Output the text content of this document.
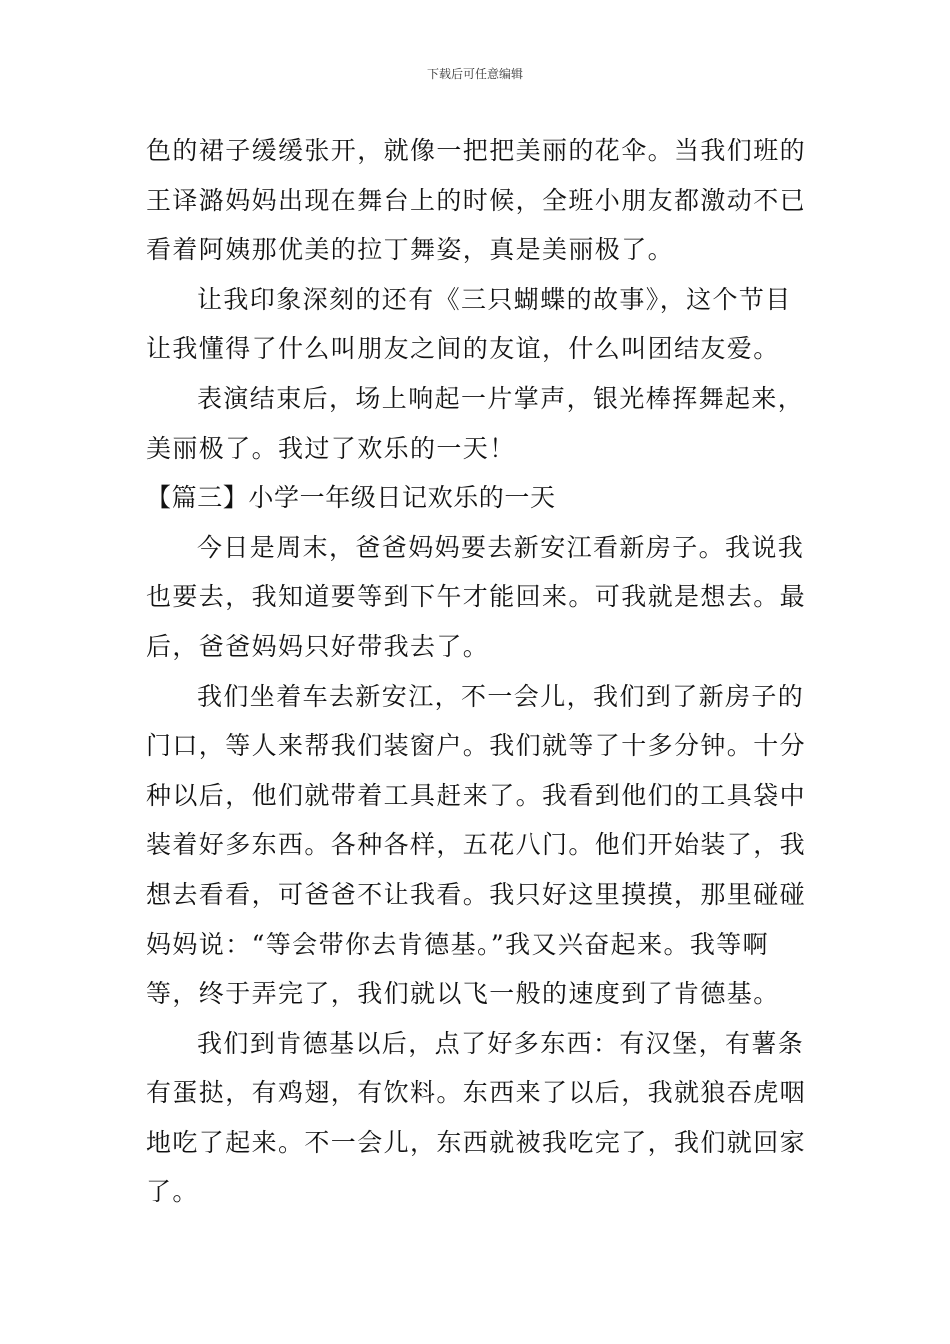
下载后可任意编辑
色的裙子缓缓张开，就像一把把美丽的花伞。当我们班的
王译潞妈妈出现在舞台上的时候，全班小朋友都激动不已
看着阿姨那优美的拉丁舞姿，真是美丽极了。
让我印象深刻的还有《三只蝴蝶的故事》，这个节目
让我懂得了什么叫朋友之间的友谊，什么叫团结友爱。
表演结束后，场上响起一片掌声，银光棒挥舞起来，
美丽极了。我过了欢乐的一天！
【篇三】小学一年级日记欢乐的一天
今日是周末，爸爸妈妈要去新安江看新房子。我说我
也要去，我知道要等到下午才能回来。可我就是想去。最
后，爸爸妈妈只好带我去了。
我们坐着车去新安江，不一会儿，我们到了新房子的
门口，等人来帮我们装窗户。我们就等了十多分钟。十分
种以后，他们就带着工具赶来了。我看到他们的工具袋中
装着好多东西。各种各样，五花八门。他们开始装了，我
想去看看，可爸爸不让我看。我只好这里摸摸，那里碰碰
妈妈说：“等会带你去肯德基。”我又兴奋起来。我等啊
等，终于弄完了，我们就以飞一般的速度到了肯德基。
我们到肯德基以后，点了好多东西：有汉堡，有薯条
有蛋挞，有鸡翅，有饮料。东西来了以后，我就狼吞虎咽
地吃了起来。不一会儿，东西就被我吃完了，我们就回家
了。
